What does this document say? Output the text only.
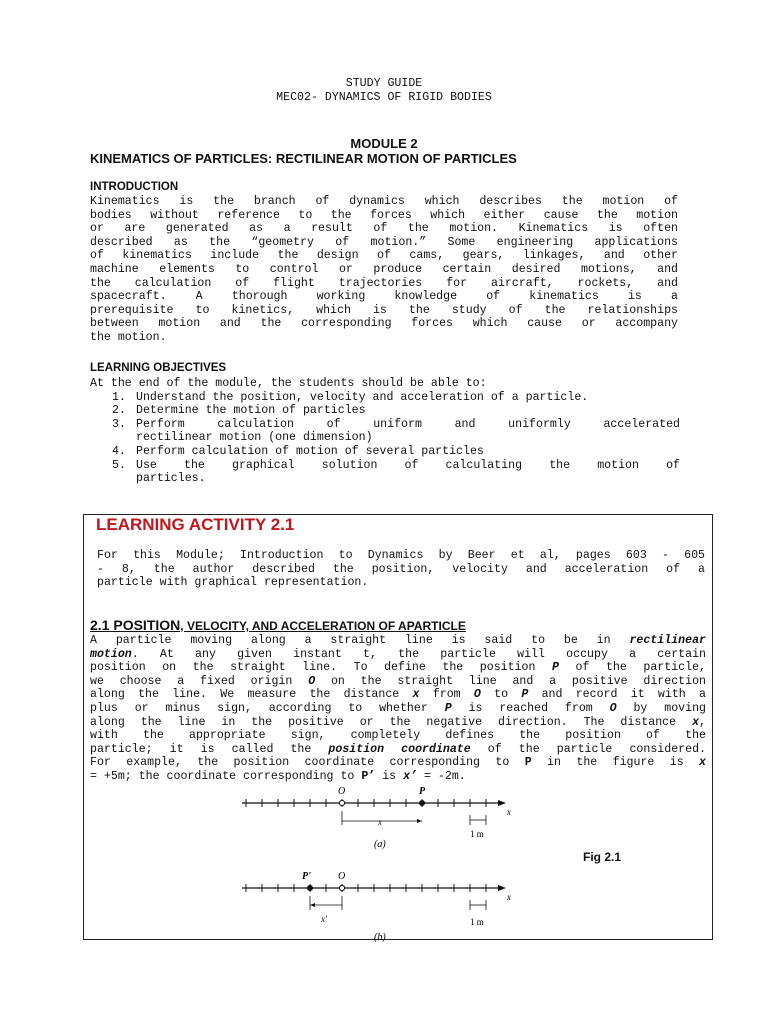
STUDY GUIDE
MEC02- DYNAMICS OF RIGID BODIES
MODULE 2
KINEMATICS OF PARTICLES: RECTILINEAR MOTION OF PARTICLES
INTRODUCTION
Kinematics is the branch of dynamics which describes the motion of
bodies without reference to the forces which either cause the motion
or are generated as a result of the motion. Kinematics is often
described as the “geometry of motion.” Some engineering applications
of kinematics include the design of cams, gears, linkages, and other
machine elements to control or produce certain desired motions, and
the calculation of flight trajectories for aircraft, rockets, and
spacecraft. A thorough working knowledge of kinematics is a
prerequisite to kinetics, which is the study of the relationships
between motion and the corresponding forces which cause or accompany
the motion.
LEARNING OBJECTIVES
At the end of the module, the students should be able to:
1. Understand the position, velocity and acceleration of a particle.
2. Determine the motion of particles
3. Perform calculation of uniform and uniformly accelerated
rectilinear motion (one dimension)
4. Perform calculation of motion of several particles
5. Use the graphical solution of calculating the motion of
particles.
LEARNING ACTIVITY 2.1
For this Module; Introduction to Dynamics by Beer et al, pages 603 - 605
- 8, the author described the position, velocity and acceleration of a
particle with graphical representation.
2.1 POSITION, VELOCITY, AND ACCELERATION OF APARTICLE
A particle moving along a straight line is said to be in rectilinear
motion. At any given instant t, the particle will occupy a certain
position on the straight line. To define the position P of the particle,
we choose a fixed origin O on the straight line and a positive direction
along the line. We measure the distance x from O to P and record it with a
plus or minus sign, according to whether P is reached from O by moving
along the line in the positive or the negative direction. The distance x,
with the appropriate sign, completely defines the position of the
particle; it is called the position coordinate of the particle considered.
For example, the position coordinate corresponding to P in the figure is x
= +5m; the coordinate corresponding to P’ is x’ = -2m.
O	P
x
x
1 m
(a)
P'	O
x
x'	1 m
(b)
Fig 2.1
